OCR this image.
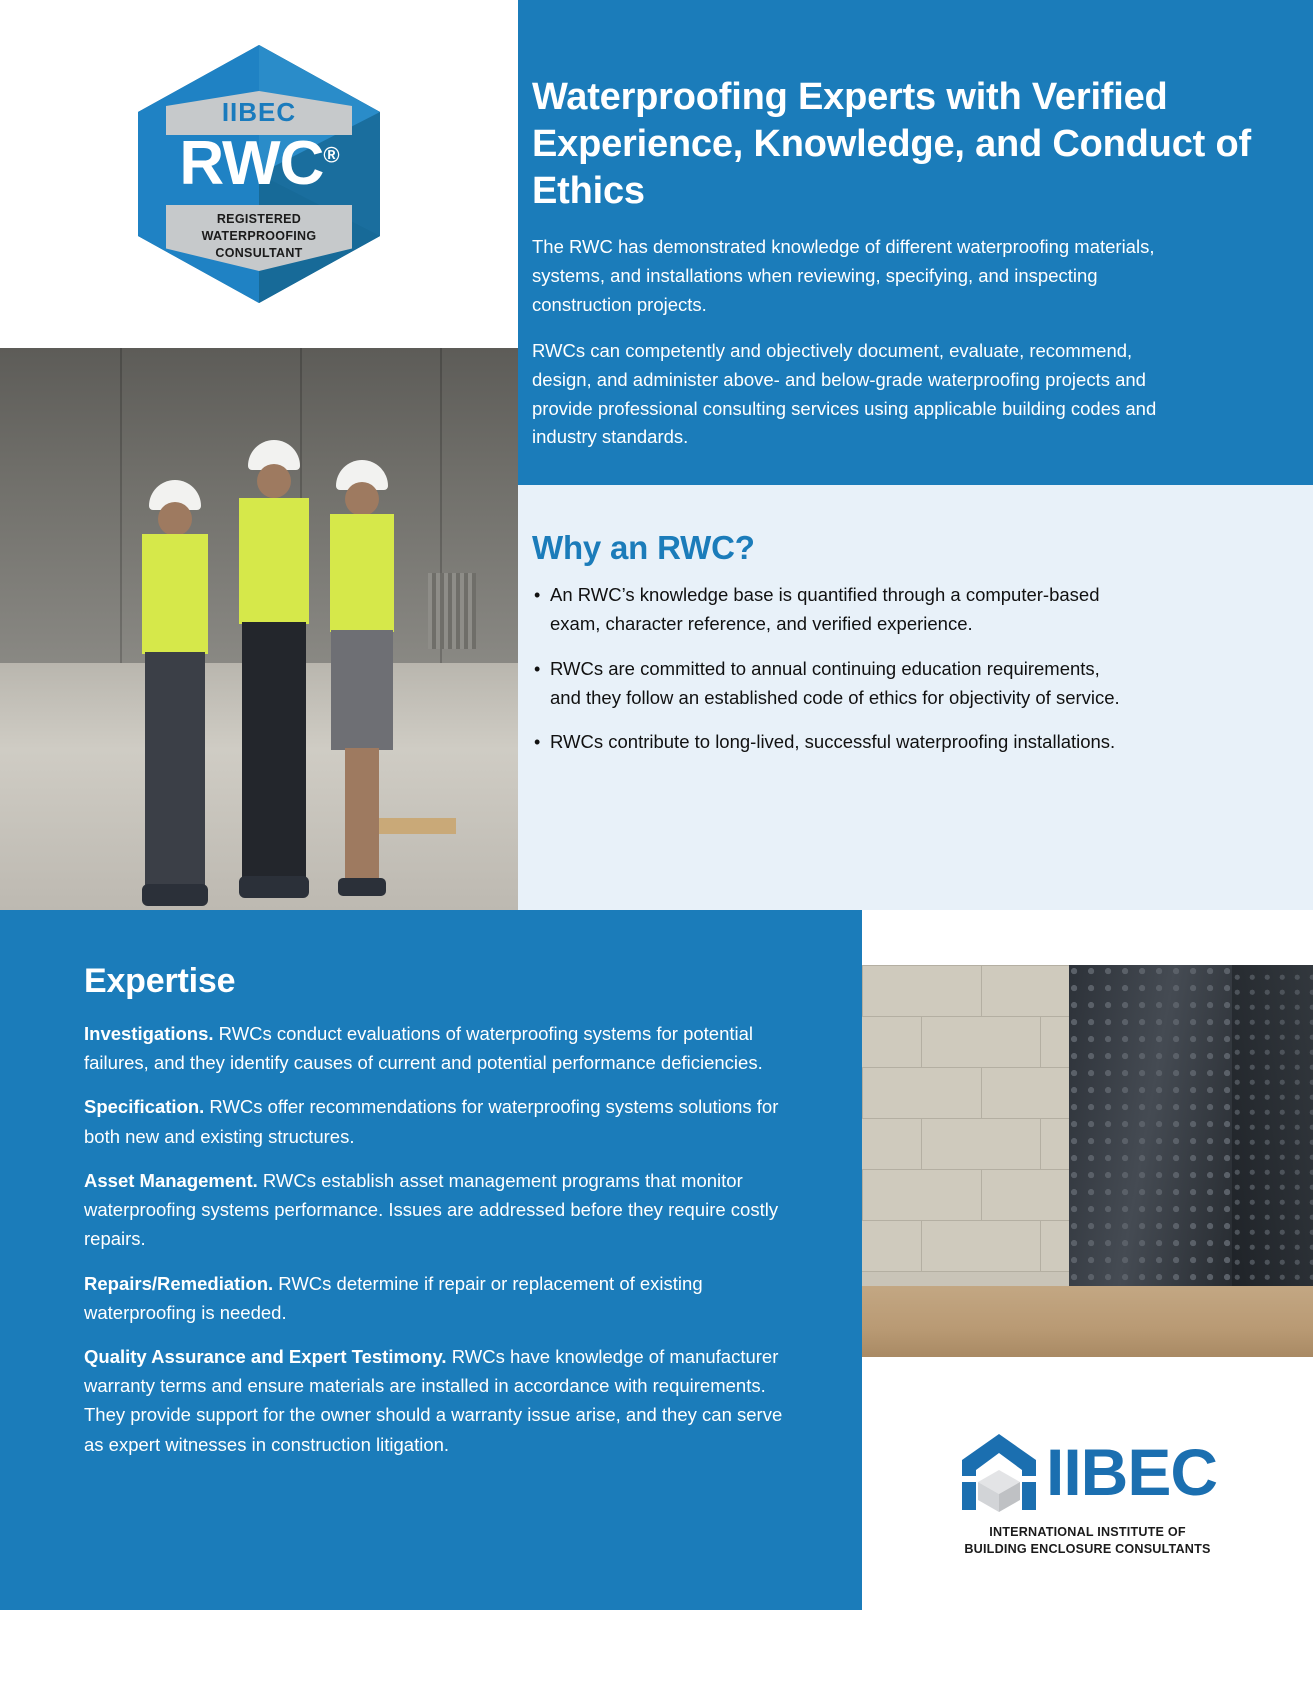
IIBEC
RWC®
REGISTERED
WATERPROOFING
CONSULTANT
Waterproofing Experts with Verified Experience, Knowledge, and Conduct of Ethics
The RWC has demonstrated knowledge of different waterproofing materials, systems, and installations when reviewing, specifying, and inspecting construction projects.
RWCs can competently and objectively document, evaluate, recommend, design, and administer above- and below-grade waterproofing projects and provide professional consulting services using applicable building codes and industry standards.
Why an RWC?
• An RWC’s knowledge base is quantified through a computer-based exam, character reference, and verified experience.
• RWCs are committed to annual continuing education requirements, and they follow an established code of ethics for objectivity of service.
• RWCs contribute to long-lived, successful waterproofing installations.
Expertise

Investigations. RWCs conduct evaluations of waterproofing systems for potential failures, and they identify causes of current and potential performance deficiencies.

Specification. RWCs offer recommendations for waterproofing systems solutions for both new and existing structures.

Asset Management. RWCs establish asset management programs that monitor waterproofing systems performance. Issues are addressed before they require costly repairs.

Repairs/Remediation. RWCs determine if repair or replacement of existing waterproofing is needed.

Quality Assurance and Expert Testimony. RWCs have knowledge of manufacturer warranty terms and ensure materials are installed in accordance with requirements. They provide support for the owner should a warranty issue arise, and they can serve as expert witnesses in construction litigation.	IIBEC
INTERNATIONAL INSTITUTE OF
BUILDING ENCLOSURE CONSULTANTS
